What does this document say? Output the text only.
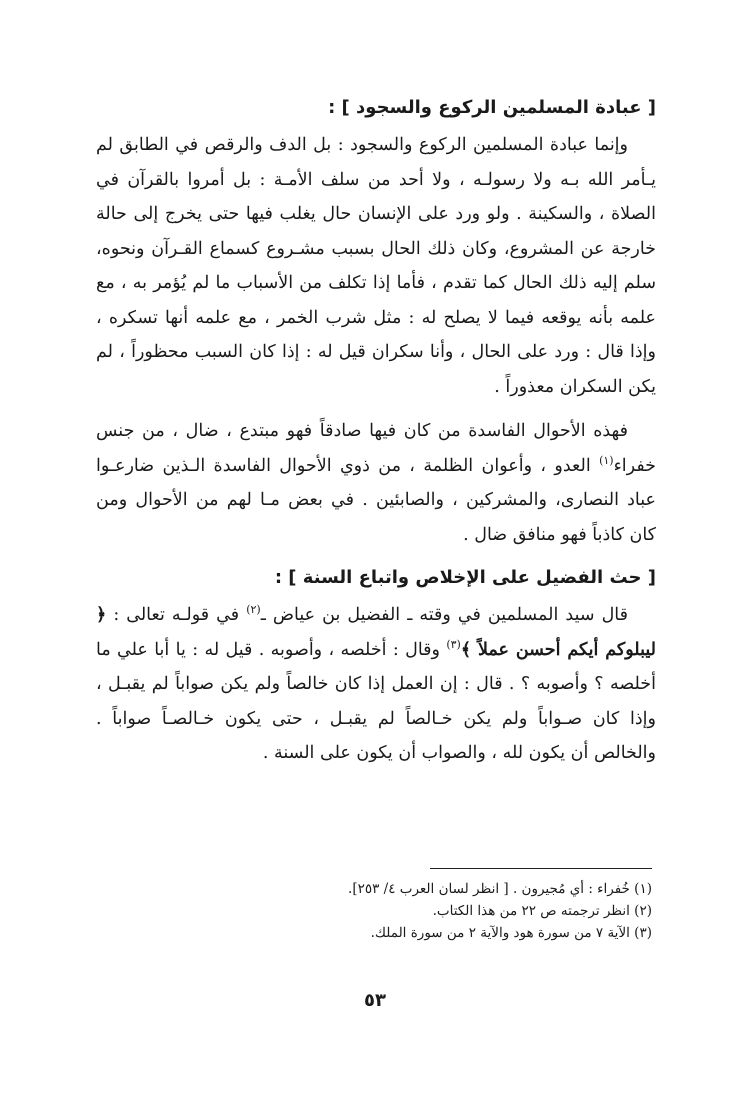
[ عبادة المسلمين الركوع والسجود ] :

وإنما عبادة المسلمين الركوع والسجود : بل الدف والرقص في الطابق لم يـأمر الله بـه ولا رسولـه ، ولا أحد من سلف الأمـة : بل أمروا بالقرآن في الصلاة ، والسكينة . ولو ورد على الإنسان حال يغلب فيها حتى يخرج إلى حالة خارجة عن المشروع، وكان ذلك الحال بسبب مشـروع كسماع القـرآن ونحوه، سلم إليه ذلك الحال كما تقدم ، فأما إذا تكلف من الأسباب ما لم يُؤمر به ، مع علمه بأنه يوقعه فيما لا يصلح له : مثل شرب الخمر ، مع علمه أنها تسكره ، وإذا قال : ورد على الحال ، وأنا سكران قيل له : إذا كان السبب محظوراً ، لم يكن السكران معذوراً .

فهذه الأحوال الفاسدة من كان فيها صادقاً فهو مبتدع ، ضال ، من جنس خفراء$^{(١)}$ العدو ، وأعوان الظلمة ، من ذوي الأحوال الفاسدة الـذين ضارعـوا عباد النصارى، والمشركين ، والصابئين . في بعض مـا لهم من الأحوال ومن كان كاذباً فهو منافق ضال .

[ حث الفضيل على الإخلاص واتباع السنة ] :

قال سيد المسلمين في وقته ـ الفضيل بن عياض ـ$^{(٢)}$ في قولـه تعالى : ﴿ ليبلوكم أيكم أحسن عملاً ﴾$^{(٣)}$ وقال : أخلصه ، وأصوبه . قيل له : يا أبا علي ما أخلصه ؟ وأصوبه ؟ . قال : إن العمل إذا كان خالصاً ولم يكن صواباً لم يقبـل ، وإذا كان صـواباً ولم يكن خـالصاً لم يقبـل ، حتى يكون خـالصـاً صواباً . والخالص أن يكون لله ، والصواب أن يكون على السنة .

(١) خُفراء : أي مُجيرون . [ انظر لسان العرب ٤/ ٢٥٣].

(٢) انظر ترجمته ص ٢٢ من هذا الكتاب.

(٣) الآية ٧ من سورة هود والآية ٢ من سورة الملك.

٥٣
